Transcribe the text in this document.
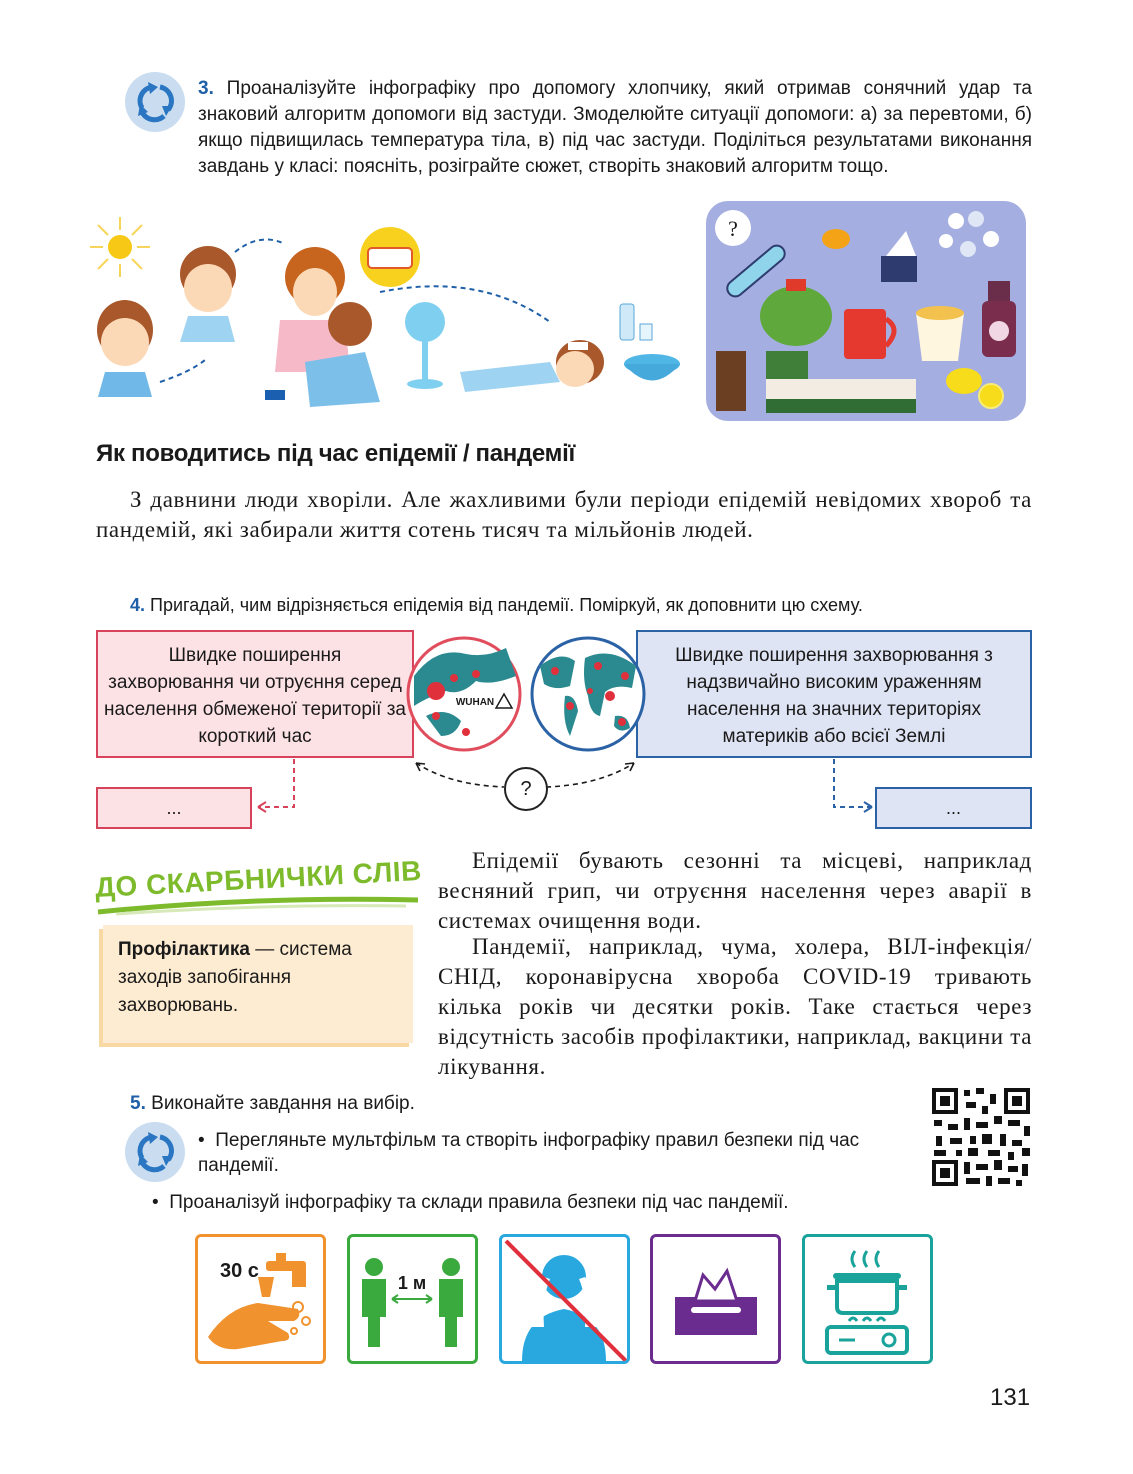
3. Проаналізуйте інфографіку про допомогу хлопчику, який отримав сонячний удар та знаковий алгоритм допомоги від застуди. Змоделюйте ситуації допомоги: а) за перевтоми, б) якщо підвищилась температура тіла, в) під час застуди. Поділіться результатами виконання завдань у класі: поясніть, розіграйте сюжет, створіть знаковий алгоритм тощо.
?
Як поводитись під час епідемії / пандемії
З давнини люди хворіли. Але жахливими були періоди епідемій невідомих хвороб та пандемій, які забирали життя сотень тисяч та мільйонів людей.
4. Пригадай, чим відрізняється епідемія від пандемії. Поміркуй, як доповнити цю схему.
Швидке поширення захворювання чи отруєння серед населення обмеженої території за короткий час
Швидке поширення захворювання з надзвичайно високим ураженням населення на значних територіях материків або всієї Землі
WUHAN
...	...
?
ДО СКАРБНИЧКИ СЛІВ
Профілактика — система заходів запобігання захворювань.
Епідемії бувають сезонні та місцеві, наприклад весняний грип, чи отруєння населення через аварії в системах очищення води.
Пандемії, наприклад, чума, холера, ВІЛ-інфекція/СНІД, коронавірусна хвороба COVID-19 тривають кілька років чи десятки років. Таке стається через відсутність засобів профілактики, наприклад, вакцини та лікування.
5. Виконайте завдання на вибір.
•  Перегляньте мультфільм та створіть інфографіку правил безпеки під час пандемії.
•  Проаналізуй інфографіку та склади правила безпеки під час пандемії.
30 с
1 м
131
